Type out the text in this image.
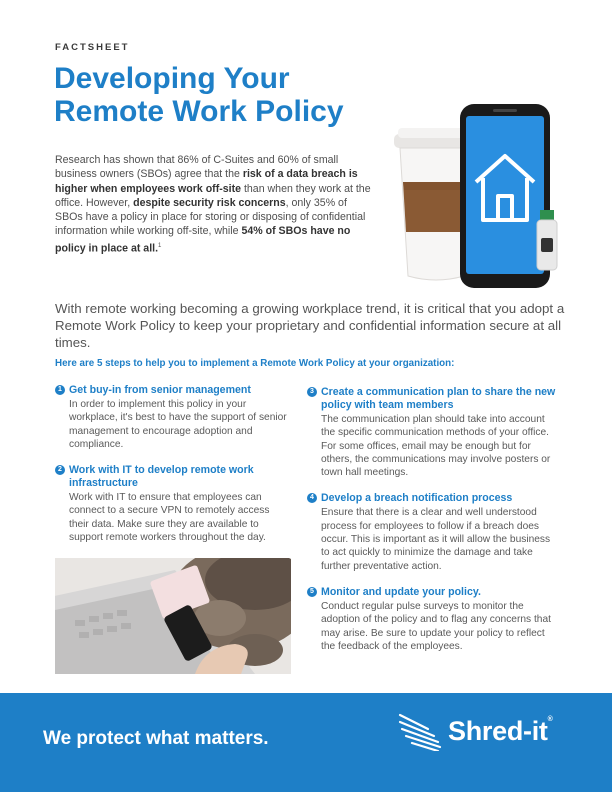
FACTSHEET
Developing Your Remote Work Policy

Research has shown that 86% of C-Suites and 60% of small business owners (SBOs) agree that the risk of a data breach is higher when employees work off-site than when they work at the office. However, despite security risk concerns, only 35% of SBOs have a policy in place for storing or disposing of confidential information while working off-site, while 54% of SBOs have no policy in place at all.$^1$

With remote working becoming a growing workplace trend, it is critical that you adopt a Remote Work Policy to keep your proprietary and confidential information secure at all times.

Here are 5 steps to help you to implement a Remote Work Policy at your organization:
1 Get buy-in from senior management
In order to implement this policy in your workplace, it's best to have the support of senior management to encourage adoption and compliance.
2 Work with IT to develop remote work infrastructure
Work with IT to ensure that employees can connect to a secure VPN to remotely access their data. Make sure they are available to support remote workers throughout the day.
3 Create a communication plan to share the new policy with team members
The communication plan should take into account the specific communication methods of your office. For some offices, email may be enough but for others, the communications may involve posters or town hall meetings.
4 Develop a breach notification process
Ensure that there is a clear and well understood process for employees to follow if a breach does occur. This is important as it will allow the business to act quickly to minimize the damage and take further preventative action.
5 Monitor and update your policy.
Conduct regular pulse surveys to monitor the adoption of the policy and to flag any concerns that may arise. Be sure to update your policy to reflect the feedback of the employees.
We protect what matters.	Shred-it®
